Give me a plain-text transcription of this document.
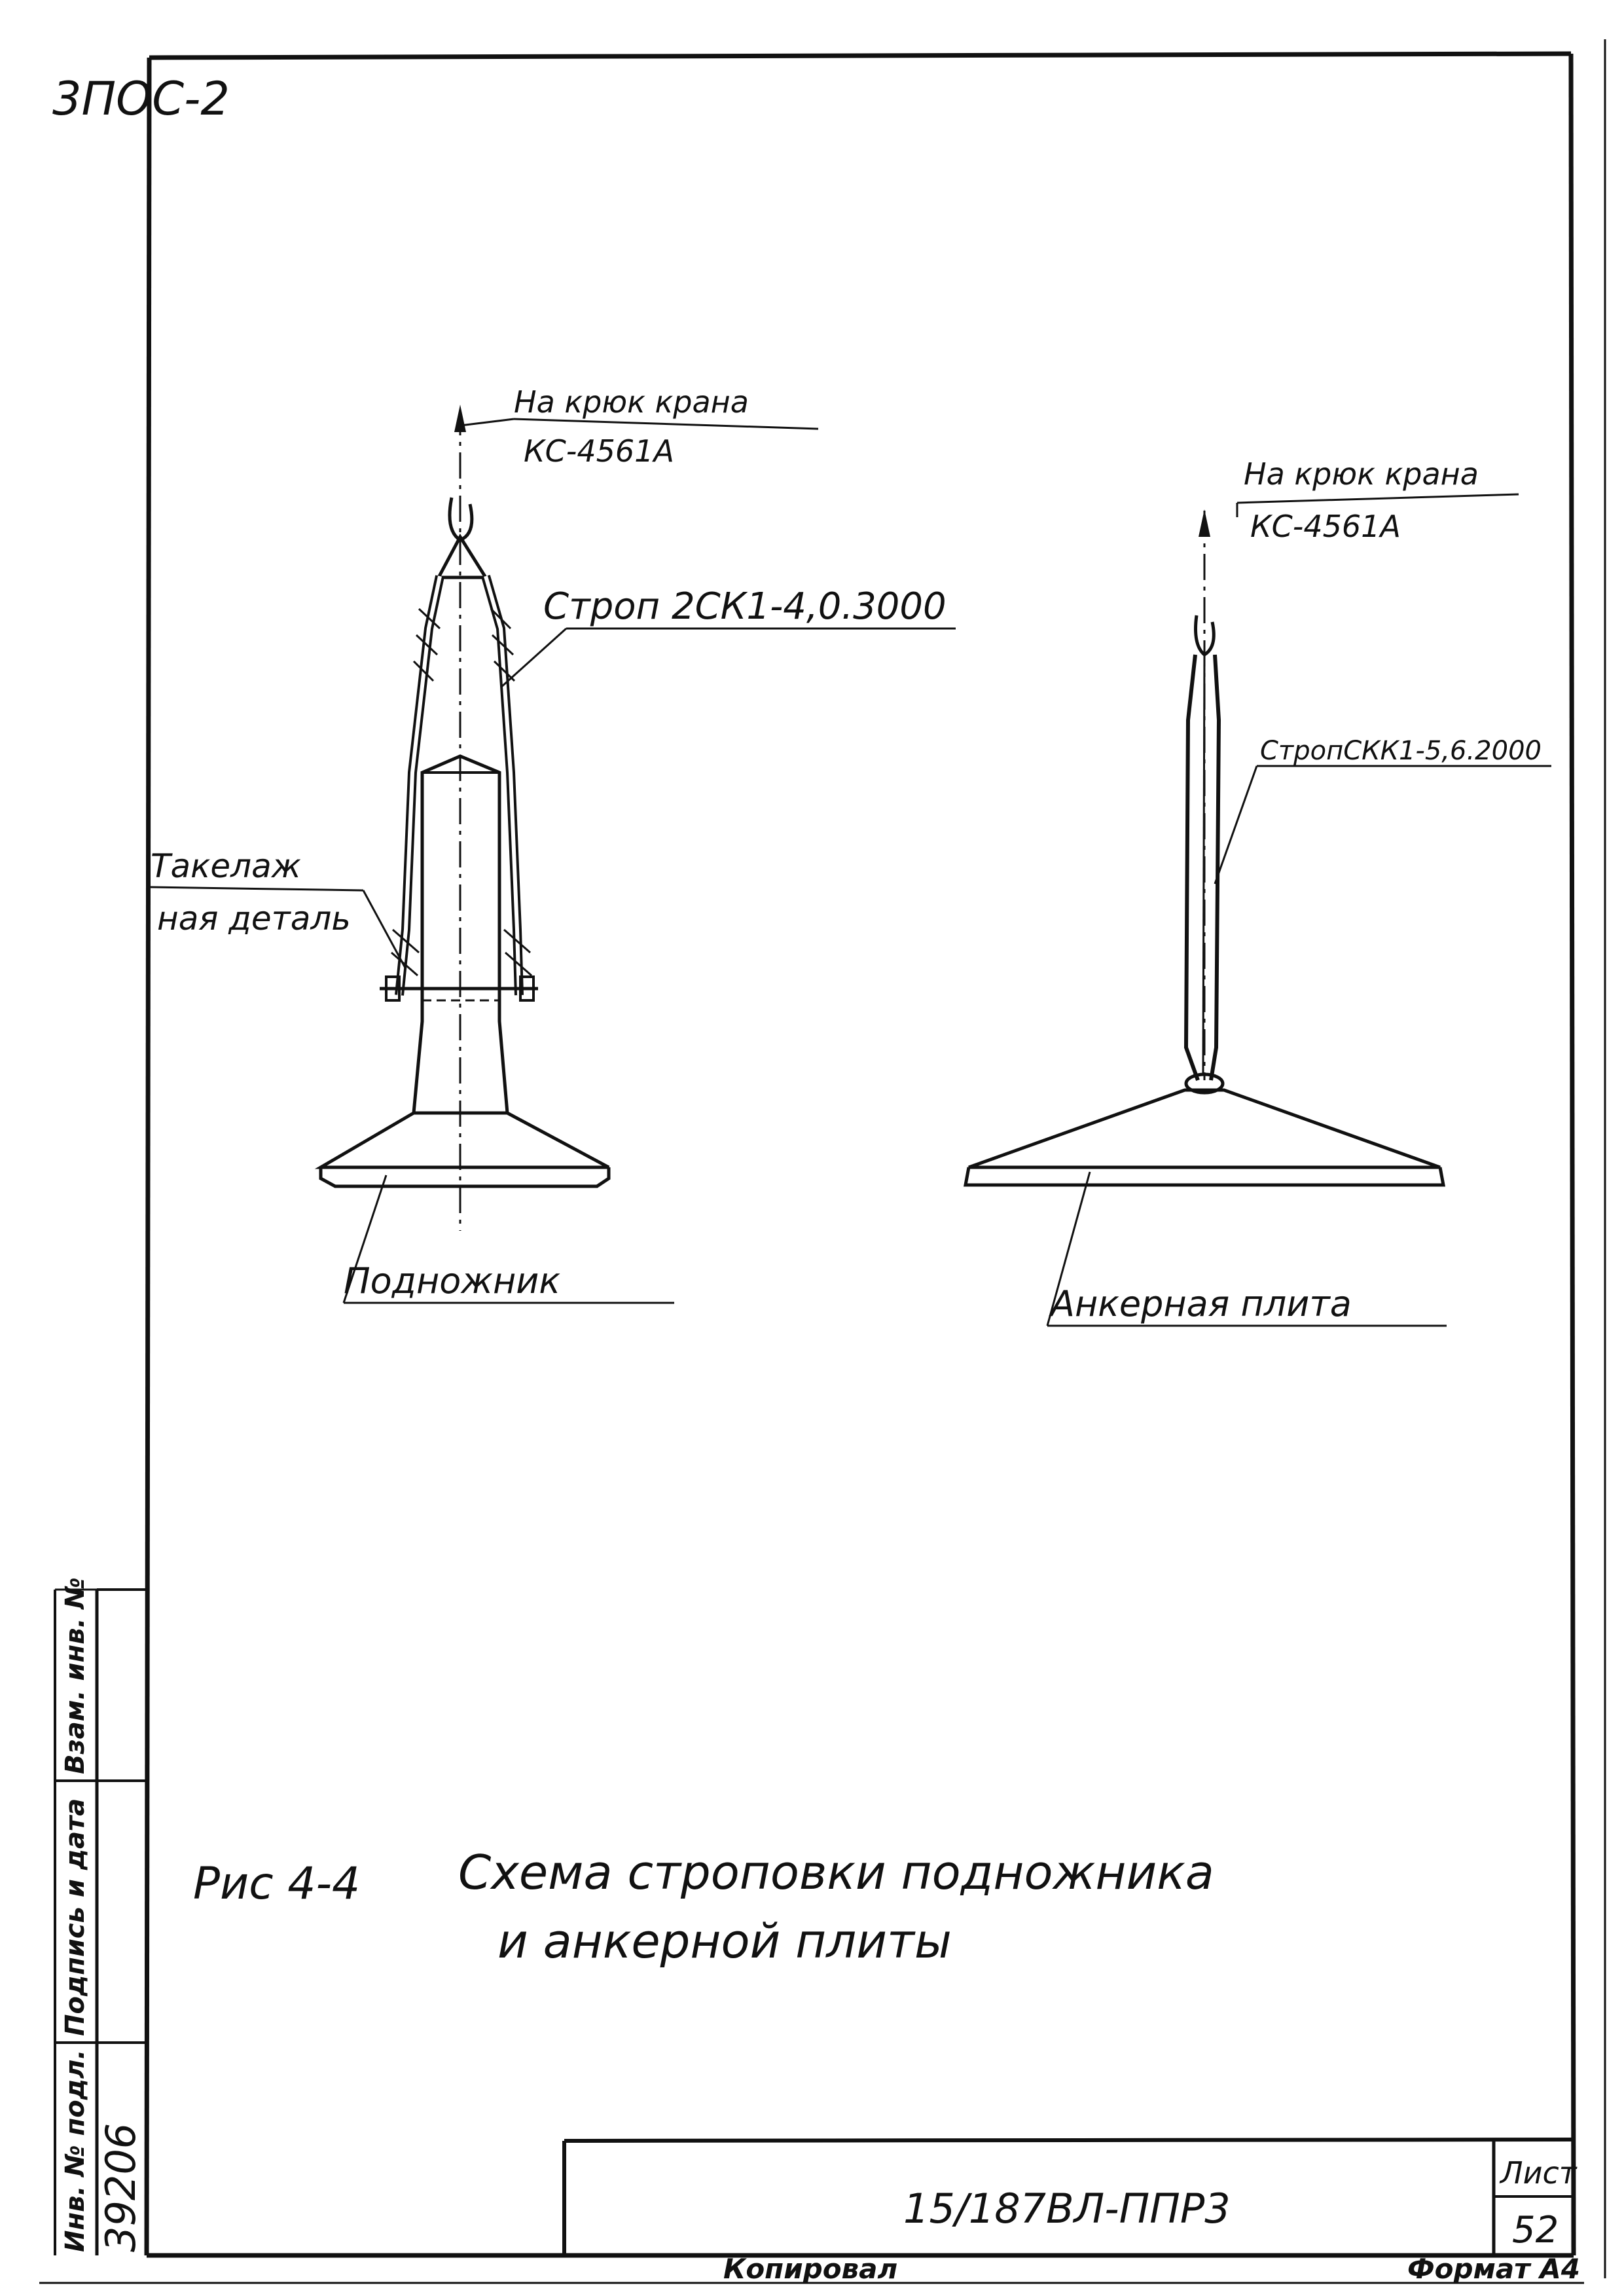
3ПОС-2
На крюк крана
КС-4561А
Строп 2СК1-4,0.3000
Такелаж
ная деталь
Подножник
На крюк крана
КС-4561А
СтропСКК1-5,6.2000
Анкерная плита
Рис 4-4 Схема строповки подножника
и анкерной плиты
Инв. № подл.
Подпись и дата
Взам. инв. №
39206	15/187ВЛ-ППР3
Лист
52
Копировал	Формат А4
